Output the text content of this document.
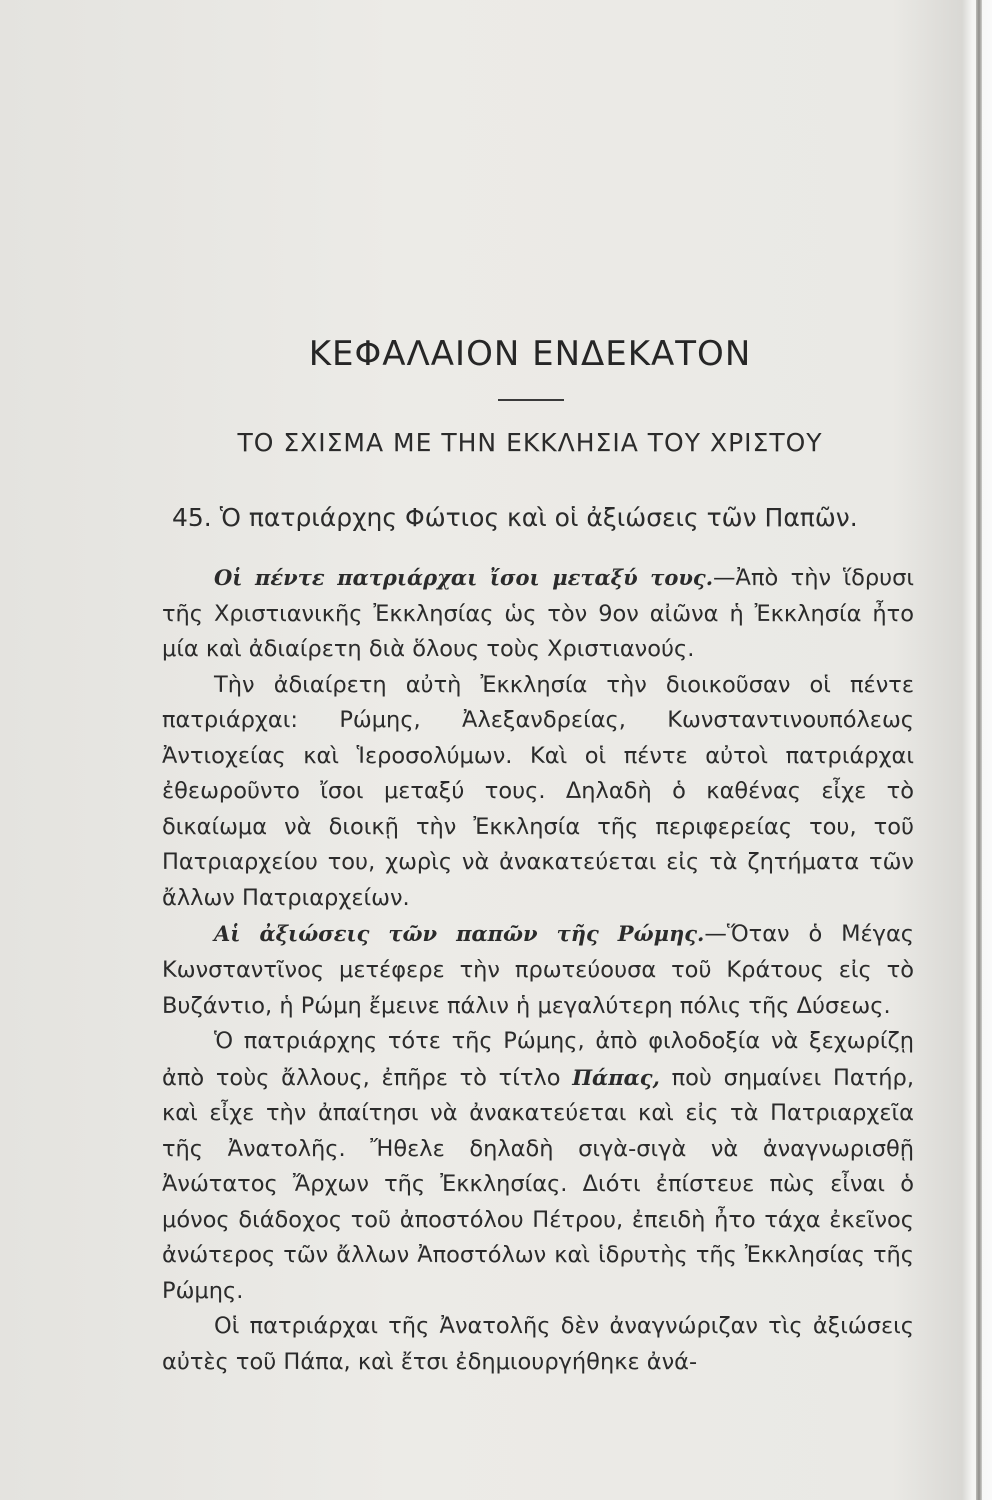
ΚΕΦΑΛΑΙΟΝ ΕΝΔΕΚΑΤΟΝ
ΤΟ ΣΧΙΣΜΑ ΜΕ ΤΗΝ ΕΚΚΛΗΣΙΑ ΤΟΥ ΧΡΙΣΤΟΥ
45. Ὁ πατριάρχης Φώτιος καὶ οἱ ἀξιώσεις τῶν Παπῶν.

Οἱ πέντε πατριάρχαι ἴσοι μεταξύ τους.—Ἀπὸ τὴν ἵδρυσι τῆς Χριστιανικῆς Ἐκκλησίας ὡς τὸν 9ον αἰῶνα ἡ Ἐκκλησία ἦτο μία καὶ ἀδιαίρετη διὰ ὅλους τοὺς Χριστιανούς.

Τὴν ἀδιαίρετη αὐτὴ Ἐκκλησία τὴν διοικοῦσαν οἱ πέντε πατριάρχαι: Ρώμης, Ἀλεξανδρείας, Κωνσταντινουπόλεως Ἀντιοχείας καὶ Ἱεροσολύμων. Καὶ οἱ πέντε αὐτοὶ πατριάρχαι ἐθεωροῦντο ἴσοι μεταξύ τους. Δηλαδὴ ὁ καθένας εἶχε τὸ δικαίωμα νὰ διοικῇ τὴν Ἐκκλησία τῆς περιφερείας του, τοῦ Πατριαρχείου του, χωρὶς νὰ ἀνακατεύεται εἰς τὰ ζητήματα τῶν ἄλλων Πατριαρχείων.

Αἱ ἀξιώσεις τῶν παπῶν τῆς Ρώμης.—Ὅταν ὁ Μέγας Κωνσταντῖνος μετέφερε τὴν πρωτεύουσα τοῦ Κράτους εἰς τὸ Βυζάντιο, ἡ Ρώμη ἔμεινε πάλιν ἡ μεγαλύτερη πόλις τῆς Δύσεως.

Ὁ πατριάρχης τότε τῆς Ρώμης, ἀπὸ φιλοδοξία νὰ ξεχωρίζῃ ἀπὸ τοὺς ἄλλους, ἐπῆρε τὸ τίτλο Πάπας, ποὺ σημαίνει Πατήρ, καὶ εἶχε τὴν ἀπαίτησι νὰ ἀνακατεύεται καὶ εἰς τὰ Πατριαρχεῖα τῆς Ἀνατολῆς. Ἤθελε δηλαδὴ σιγὰ-σιγὰ νὰ ἀναγνωρισθῇ Ἀνώτατος Ἄρχων τῆς Ἐκκλησίας. Διότι ἐπίστευε πὼς εἶναι ὁ μόνος διάδοχος τοῦ ἀποστόλου Πέτρου, ἐπειδὴ ἦτο τάχα ἐκεῖνος ἀνώτερος τῶν ἄλλων Ἀποστόλων καὶ ἱδρυτὴς τῆς Ἐκκλησίας τῆς Ρώμης.

Οἱ πατριάρχαι τῆς Ἀνατολῆς δὲν ἀναγνώριζαν τὶς ἀξιώσεις αὐτὲς τοῦ Πάπα, καὶ ἔτσι ἐδημιουργήθηκε ἀνά-
